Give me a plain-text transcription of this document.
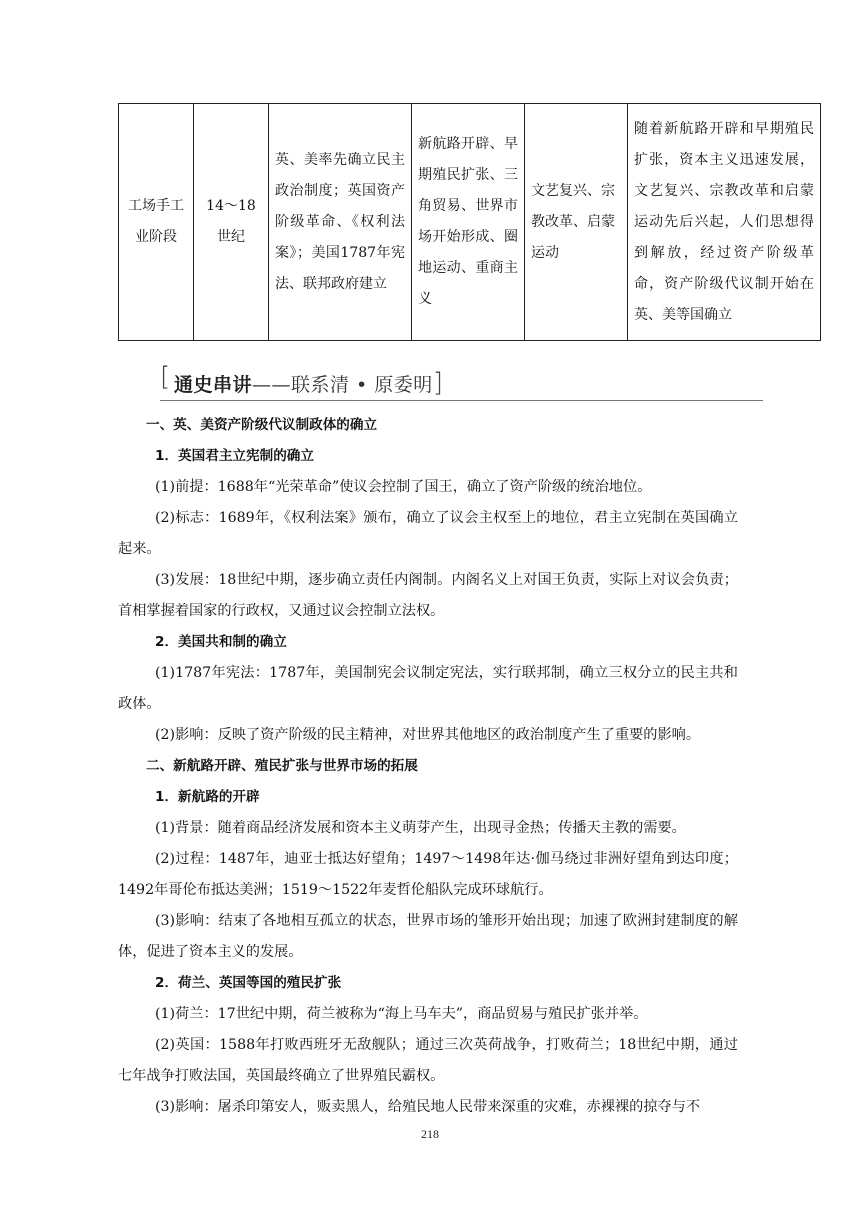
工场手工业阶段	14～18世纪	英、美率先确立民主政治制度；英国资产阶级革命、《权利法案》；美国1787年宪法、联邦政府建立	新航路开辟、早期殖民扩张、三角贸易、世界市场开始形成、圈地运动、重商主义	文艺复兴、宗教改革、启蒙运动	随着新航路开辟和早期殖民扩张，资本主义迅速发展，文艺复兴、宗教改革和启蒙运动先后兴起，人们思想得到解放，经过资产阶级革命，资产阶级代议制开始在英、美等国确立
[ 通史串讲——联系清 • 原委明]

一、英、美资产阶级代议制政体的确立

1．英国君主立宪制的确立

(1)前提：1688年“光荣革命”使议会控制了国王，确立了资产阶级的统治地位。

(2)标志：1689年，《权利法案》颁布，确立了议会主权至上的地位，君主立宪制在英国确立起来。

(3)发展：18世纪中期，逐步确立责任内阁制。内阁名义上对国王负责，实际上对议会负责；首相掌握着国家的行政权，又通过议会控制立法权。

2．美国共和制的确立

(1)1787年宪法：1787年，美国制宪会议制定宪法，实行联邦制，确立三权分立的民主共和政体。

(2)影响：反映了资产阶级的民主精神，对世界其他地区的政治制度产生了重要的影响。

二、新航路开辟、殖民扩张与世界市场的拓展

1．新航路的开辟

(1)背景：随着商品经济发展和资本主义萌芽产生，出现寻金热；传播天主教的需要。

(2)过程：1487年，迪亚士抵达好望角；1497～1498年达·伽马绕过非洲好望角到达印度；1492年哥伦布抵达美洲；1519～1522年麦哲伦船队完成环球航行。

(3)影响：结束了各地相互孤立的状态，世界市场的雏形开始出现；加速了欧洲封建制度的解体，促进了资本主义的发展。

2．荷兰、英国等国的殖民扩张

(1)荷兰：17世纪中期，荷兰被称为“海上马车夫”，商品贸易与殖民扩张并举。

(2)英国：1588年打败西班牙无敌舰队；通过三次英荷战争，打败荷兰；18世纪中期，通过七年战争打败法国，英国最终确立了世界殖民霸权。

(3)影响：屠杀印第安人，贩卖黑人，给殖民地人民带来深重的灾难，赤裸裸的掠夺与不

218
